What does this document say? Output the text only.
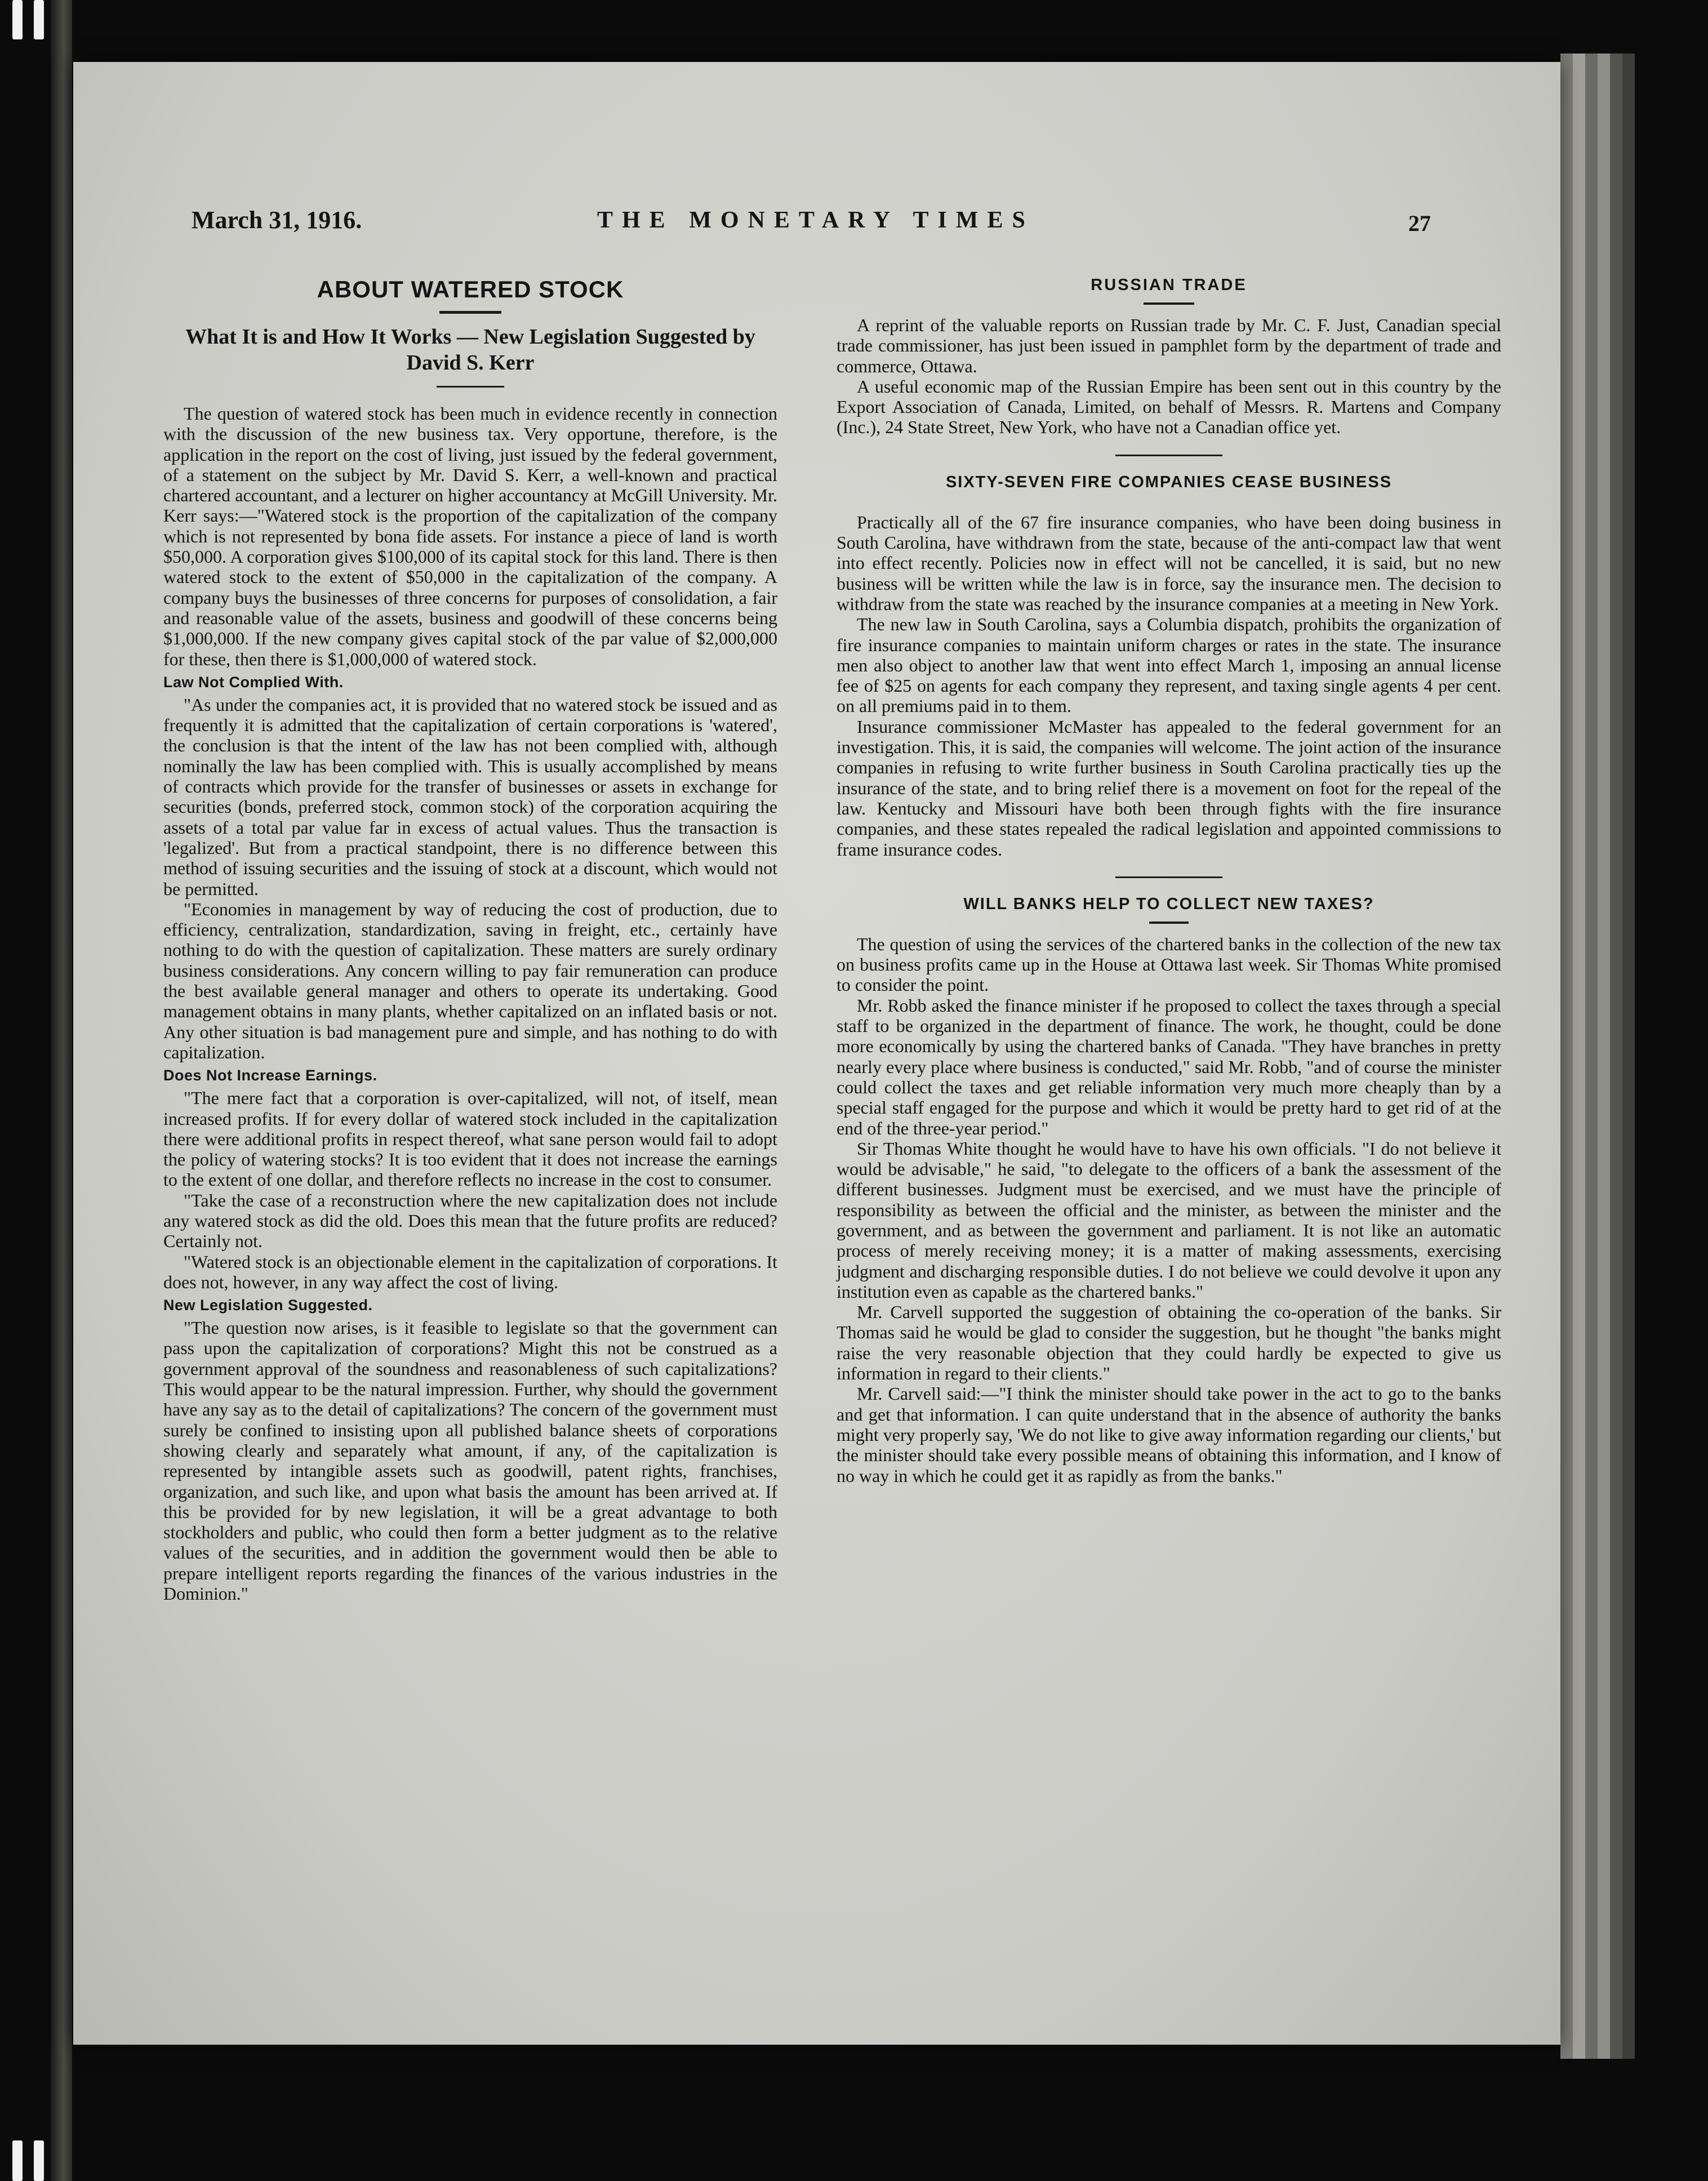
March 31, 1916.	THE MONETARY TIMES	27
ABOUT WATERED STOCK
What It is and How It Works — New Legislation Suggested by David S. Kerr

The question of watered stock has been much in evidence recently in connection with the discussion of the new business tax. Very opportune, therefore, is the application in the report on the cost of living, just issued by the federal government, of a statement on the subject by Mr. David S. Kerr, a well-known and practical chartered accountant, and a lecturer on higher accountancy at McGill University. Mr. Kerr says:—"Watered stock is the proportion of the capitalization of the company which is not represented by bona fide assets. For instance a piece of land is worth $50,000. A corporation gives $100,000 of its capital stock for this land. There is then watered stock to the extent of $50,000 in the capitalization of the company. A company buys the businesses of three concerns for purposes of consolidation, a fair and reasonable value of the assets, business and goodwill of these concerns being $1,000,000. If the new company gives capital stock of the par value of $2,000,000 for these, then there is $1,000,000 of watered stock.

Law Not Complied With.

"As under the companies act, it is provided that no watered stock be issued and as frequently it is admitted that the capitalization of certain corporations is 'watered', the conclusion is that the intent of the law has not been complied with, although nominally the law has been complied with. This is usually accomplished by means of contracts which provide for the transfer of businesses or assets in exchange for securities (bonds, preferred stock, common stock) of the corporation acquiring the assets of a total par value far in excess of actual values. Thus the transaction is 'legalized'. But from a practical standpoint, there is no difference between this method of issuing securities and the issuing of stock at a discount, which would not be permitted.

"Economies in management by way of reducing the cost of production, due to efficiency, centralization, standardization, saving in freight, etc., certainly have nothing to do with the question of capitalization. These matters are surely ordinary business considerations. Any concern willing to pay fair remuneration can produce the best available general manager and others to operate its undertaking. Good management obtains in many plants, whether capitalized on an inflated basis or not. Any other situation is bad management pure and simple, and has nothing to do with capitalization.

Does Not Increase Earnings.

"The mere fact that a corporation is over-capitalized, will not, of itself, mean increased profits. If for every dollar of watered stock included in the capitalization there were additional profits in respect thereof, what sane person would fail to adopt the policy of watering stocks? It is too evident that it does not increase the earnings to the extent of one dollar, and therefore reflects no increase in the cost to consumer.

"Take the case of a reconstruction where the new capitalization does not include any watered stock as did the old. Does this mean that the future profits are reduced? Certainly not.

"Watered stock is an objectionable element in the capitalization of corporations. It does not, however, in any way affect the cost of living.

New Legislation Suggested.

"The question now arises, is it feasible to legislate so that the government can pass upon the capitalization of corporations? Might this not be construed as a government approval of the soundness and reasonableness of such capitalizations? This would appear to be the natural impression. Further, why should the government have any say as to the detail of capitalizations? The concern of the government must surely be confined to insisting upon all published balance sheets of corporations showing clearly and separately what amount, if any, of the capitalization is represented by intangible assets such as goodwill, patent rights, franchises, organization, and such like, and upon what basis the amount has been arrived at. If this be provided for by new legislation, it will be a great advantage to both stockholders and public, who could then form a better judgment as to the relative values of the securities, and in addition the government would then be able to prepare intelligent reports regarding the finances of the various industries in the Dominion."

RUSSIAN TRADE

A reprint of the valuable reports on Russian trade by Mr. C. F. Just, Canadian special trade commissioner, has just been issued in pamphlet form by the department of trade and commerce, Ottawa.

A useful economic map of the Russian Empire has been sent out in this country by the Export Association of Canada, Limited, on behalf of Messrs. R. Martens and Company (Inc.), 24 State Street, New York, who have not a Canadian office yet.

SIXTY-SEVEN FIRE COMPANIES CEASE BUSINESS

Practically all of the 67 fire insurance companies, who have been doing business in South Carolina, have withdrawn from the state, because of the anti-compact law that went into effect recently. Policies now in effect will not be cancelled, it is said, but no new business will be written while the law is in force, say the insurance men. The decision to withdraw from the state was reached by the insurance companies at a meeting in New York.

The new law in South Carolina, says a Columbia dispatch, prohibits the organization of fire insurance companies to maintain uniform charges or rates in the state. The insurance men also object to another law that went into effect March 1, imposing an annual license fee of $25 on agents for each company they represent, and taxing single agents 4 per cent. on all premiums paid in to them.

Insurance commissioner McMaster has appealed to the federal government for an investigation. This, it is said, the companies will welcome. The joint action of the insurance companies in refusing to write further business in South Carolina practically ties up the insurance of the state, and to bring relief there is a movement on foot for the repeal of the law. Kentucky and Missouri have both been through fights with the fire insurance companies, and these states repealed the radical legislation and appointed commissions to frame insurance codes.

WILL BANKS HELP TO COLLECT NEW TAXES?

The question of using the services of the chartered banks in the collection of the new tax on business profits came up in the House at Ottawa last week. Sir Thomas White promised to consider the point.

Mr. Robb asked the finance minister if he proposed to collect the taxes through a special staff to be organized in the department of finance. The work, he thought, could be done more economically by using the chartered banks of Canada. "They have branches in pretty nearly every place where business is conducted," said Mr. Robb, "and of course the minister could collect the taxes and get reliable information very much more cheaply than by a special staff engaged for the purpose and which it would be pretty hard to get rid of at the end of the three-year period."

Sir Thomas White thought he would have to have his own officials. "I do not believe it would be advisable," he said, "to delegate to the officers of a bank the assessment of the different businesses. Judgment must be exercised, and we must have the principle of responsibility as between the official and the minister, as between the minister and the government, and as between the government and parliament. It is not like an automatic process of merely receiving money; it is a matter of making assessments, exercising judgment and discharging responsible duties. I do not believe we could devolve it upon any institution even as capable as the chartered banks."

Mr. Carvell supported the suggestion of obtaining the co-operation of the banks. Sir Thomas said he would be glad to consider the suggestion, but he thought "the banks might raise the very reasonable objection that they could hardly be expected to give us information in regard to their clients."

Mr. Carvell said:—"I think the minister should take power in the act to go to the banks and get that information. I can quite understand that in the absence of authority the banks might very properly say, 'We do not like to give away information regarding our clients,' but the minister should take every possible means of obtaining this information, and I know of no way in which he could get it as rapidly as from the banks."
